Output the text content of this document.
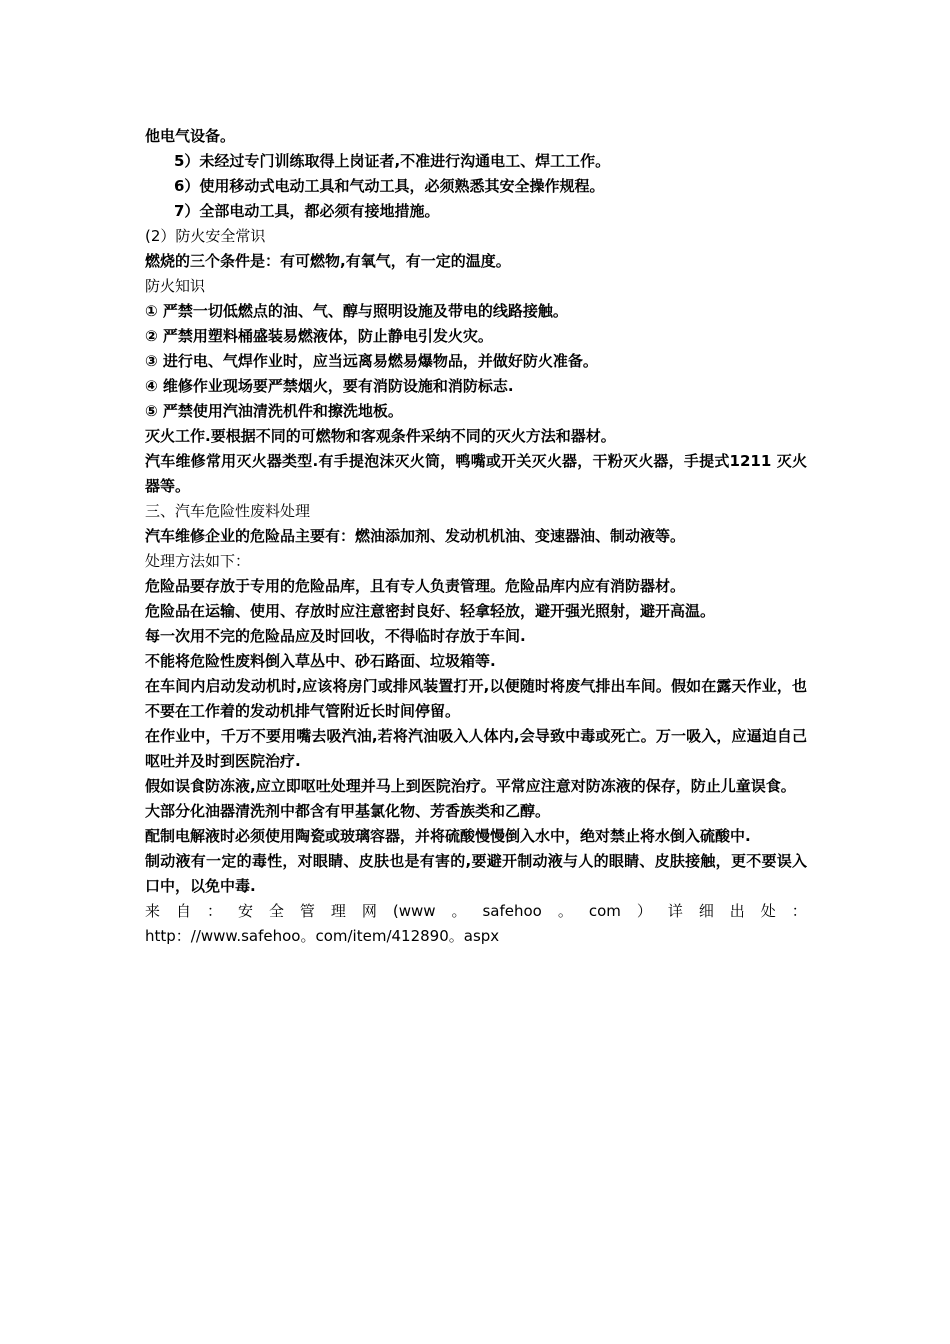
他电气设备。
5）未经过专门训练取得上岗证者,不准进行沟通电工、焊工工作。
6）使用移动式电动工具和气动工具，必须熟悉其安全操作规程。
7）全部电动工具，都必须有接地措施。
(2）防火安全常识
燃烧的三个条件是：有可燃物,有氧气，有一定的温度。
防火知识
① 严禁一切低燃点的油、气、醇与照明设施及带电的线路接触。
② 严禁用塑料桶盛装易燃液体，防止静电引发火灾。
③ 进行电、气焊作业时，应当远离易燃易爆物品，并做好防火准备。
④ 维修作业现场要严禁烟火，要有消防设施和消防标志.
⑤ 严禁使用汽油清洗机件和擦洗地板。
灭火工作.要根据不同的可燃物和客观条件采纳不同的灭火方法和器材。
汽车维修常用灭火器类型.有手提泡沫灭火筒，鸭嘴或开关灭火器，干粉灭火器，手提式1211 灭火器等。
三、汽车危险性废料处理
汽车维修企业的危险品主要有：燃油添加剂、发动机机油、变速器油、制动液等。
处理方法如下：
危险品要存放于专用的危险品库，且有专人负责管理。危险品库内应有消防器材。
危险品在运输、使用、存放时应注意密封良好、轻拿轻放，避开强光照射，避开高温。
每一次用不完的危险品应及时回收，不得临时存放于车间.
不能将危险性废料倒入草丛中、砂石路面、垃圾箱等.
在车间内启动发动机时,应该将房门或排风装置打开,以便随时将废气排出车间。假如在露天作业，也不要在工作着的发动机排气管附近长时间停留。
在作业中，千万不要用嘴去吸汽油,若将汽油吸入人体内,会导致中毒或死亡。万一吸入，应逼迫自己呕吐并及时到医院治疗.
假如误食防冻液,应立即呕吐处理并马上到医院治疗。平常应注意对防冻液的保存，防止儿童误食。
大部分化油器清洗剂中都含有甲基氯化物、芳香族类和乙醇。
配制电解液时必须使用陶瓷或玻璃容器，并将硫酸慢慢倒入水中，绝对禁止将水倒入硫酸中.
制动液有一定的毒性，对眼睛、皮肤也是有害的,要避开制动液与人的眼睛、皮肤接触，更不要误入口中，以免中毒.
来 自 ： 安 全 管 理 网 (www 。 safehoo 。 com ） 详 细 出 处 ：
http：//www.safehoo。com/item/412890。aspx
